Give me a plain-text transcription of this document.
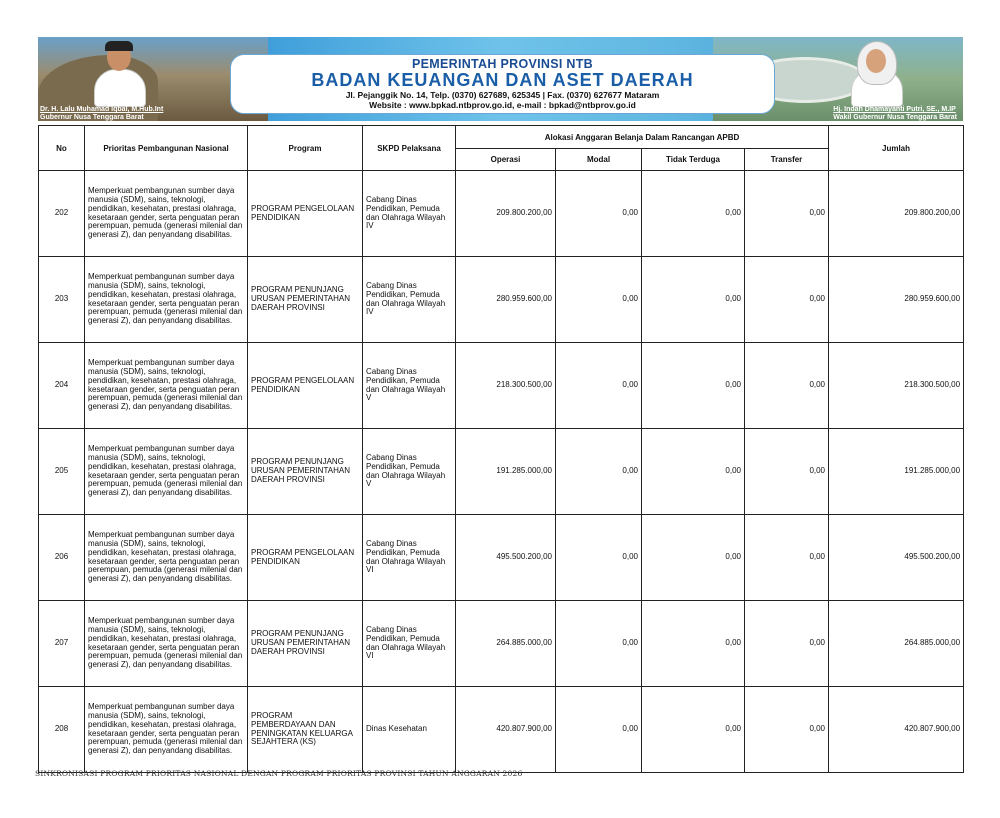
Dr. H. Lalu Muhamad Iqbal, M.Hub.Int
Gubernur Nusa Tenggara Barat
Hj. Indah Dhamayanti Putri, SE., M.IP
Wakil Gubernur Nusa Tenggara Barat
PEMERINTAH PROVINSI NTB
BADAN KEUANGAN DAN ASET DAERAH
Jl. Pejanggik No. 14, Telp. (0370) 627689, 625345 | Fax. (0370) 627677 Mataram
Website : www.bpkad.ntbprov.go.id, e-mail : bpkad@ntbprov.go.id
No	Prioritas Pembangunan Nasional	Program	SKPD Pelaksana	Alokasi Anggaran Belanja Dalam Rancangan APBD				Jumlah
				Operasi	Modal	Tidak Terduga	Transfer	
202	Memperkuat pembangunan sumber daya manusia (SDM), sains, teknologi, pendidikan, kesehatan, prestasi olahraga, kesetaraan gender, serta penguatan peran perempuan, pemuda (generasi milenial dan generasi Z), dan penyandang disabilitas.	PROGRAM PENGELOLAAN PENDIDIKAN	Cabang Dinas Pendidikan, Pemuda dan Olahraga Wilayah IV	209.800.200,00	0,00	0,00	0,00	209.800.200,00
203	Memperkuat pembangunan sumber daya manusia (SDM), sains, teknologi, pendidikan, kesehatan, prestasi olahraga, kesetaraan gender, serta penguatan peran perempuan, pemuda (generasi milenial dan generasi Z), dan penyandang disabilitas.	PROGRAM PENUNJANG URUSAN PEMERINTAHAN DAERAH PROVINSI	Cabang Dinas Pendidikan, Pemuda dan Olahraga Wilayah IV	280.959.600,00	0,00	0,00	0,00	280.959.600,00
204	Memperkuat pembangunan sumber daya manusia (SDM), sains, teknologi, pendidikan, kesehatan, prestasi olahraga, kesetaraan gender, serta penguatan peran perempuan, pemuda (generasi milenial dan generasi Z), dan penyandang disabilitas.	PROGRAM PENGELOLAAN PENDIDIKAN	Cabang Dinas Pendidikan, Pemuda dan Olahraga Wilayah V	218.300.500,00	0,00	0,00	0,00	218.300.500,00
205	Memperkuat pembangunan sumber daya manusia (SDM), sains, teknologi, pendidikan, kesehatan, prestasi olahraga, kesetaraan gender, serta penguatan peran perempuan, pemuda (generasi milenial dan generasi Z), dan penyandang disabilitas.	PROGRAM PENUNJANG URUSAN PEMERINTAHAN DAERAH PROVINSI	Cabang Dinas Pendidikan, Pemuda dan Olahraga Wilayah V	191.285.000,00	0,00	0,00	0,00	191.285.000,00
206	Memperkuat pembangunan sumber daya manusia (SDM), sains, teknologi, pendidikan, kesehatan, prestasi olahraga, kesetaraan gender, serta penguatan peran perempuan, pemuda (generasi milenial dan generasi Z), dan penyandang disabilitas.	PROGRAM PENGELOLAAN PENDIDIKAN	Cabang Dinas Pendidikan, Pemuda dan Olahraga Wilayah VI	495.500.200,00	0,00	0,00	0,00	495.500.200,00
207	Memperkuat pembangunan sumber daya manusia (SDM), sains, teknologi, pendidikan, kesehatan, prestasi olahraga, kesetaraan gender, serta penguatan peran perempuan, pemuda (generasi milenial dan generasi Z), dan penyandang disabilitas.	PROGRAM PENUNJANG URUSAN PEMERINTAHAN DAERAH PROVINSI	Cabang Dinas Pendidikan, Pemuda dan Olahraga Wilayah VI	264.885.000,00	0,00	0,00	0,00	264.885.000,00
208	Memperkuat pembangunan sumber daya manusia (SDM), sains, teknologi, pendidikan, kesehatan, prestasi olahraga, kesetaraan gender, serta penguatan peran perempuan, pemuda (generasi milenial dan generasi Z), dan penyandang disabilitas.	PROGRAM PEMBERDAYAAN DAN PENINGKATAN KELUARGA SEJAHTERA (KS)	Dinas Kesehatan	420.807.900,00	0,00	0,00	0,00	420.807.900,00
SINKRONISASI PROGRAM PRIORITAS NASIONAL DENGAN PROGRAM PRIORITAS PROVINSI TAHUN ANGGARAN 2026
